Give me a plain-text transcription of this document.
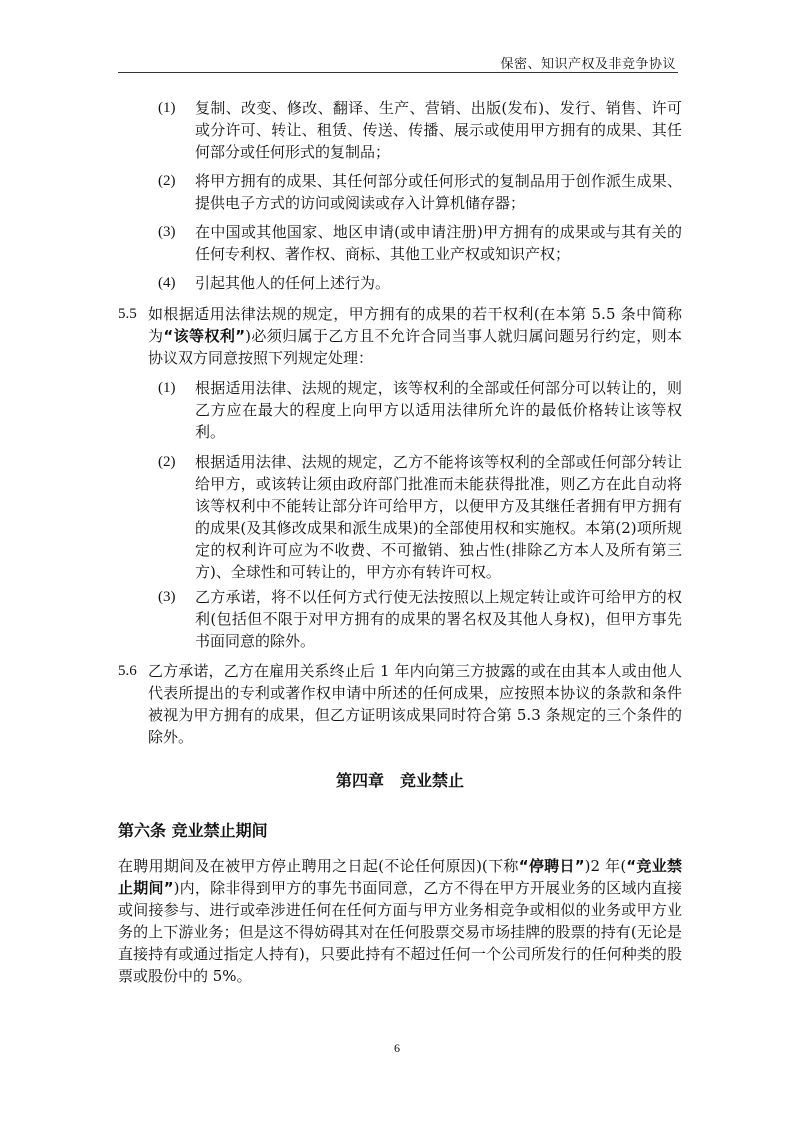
保密、知识产权及非竞争协议
(1)	复制、改变、修改、翻译、生产、营销、出版(发布)、发行、销售、许可或分许可、转让、租赁、传送、传播、展示或使用甲方拥有的成果、其任何部分或任何形式的复制品；
(2)	将甲方拥有的成果、其任何部分或任何形式的复制品用于创作派生成果、提供电子方式的访问或阅读或存入计算机储存器；
(3)	在中国或其他国家、地区申请(或申请注册)甲方拥有的成果或与其有关的任何专利权、著作权、商标、其他工业产权或知识产权；
(4)	引起其他人的任何上述行为。
5.5 如根据适用法律法规的规定，甲方拥有的成果的若干权利(在本第 5.5 条中简称为“该等权利”)必须归属于乙方且不允许合同当事人就归属问题另行约定，则本协议双方同意按照下列规定处理：
(1)	根据适用法律、法规的规定，该等权利的全部或任何部分可以转让的，则乙方应在最大的程度上向甲方以适用法律所允许的最低价格转让该等权利。
(2)	根据适用法律、法规的规定，乙方不能将该等权利的全部或任何部分转让给甲方，或该转让须由政府部门批准而未能获得批准，则乙方在此自动将该等权利中不能转让部分许可给甲方，以便甲方及其继任者拥有甲方拥有的成果(及其修改成果和派生成果)的全部使用权和实施权。本第(2)项所规定的权利许可应为不收费、不可撤销、独占性(排除乙方本人及所有第三方)、全球性和可转让的，甲方亦有转许可权。
(3)	乙方承诺，将不以任何方式行使无法按照以上规定转让或许可给甲方的权利(包括但不限于对甲方拥有的成果的署名权及其他人身权)，但甲方事先书面同意的除外。
5.6 乙方承诺，乙方在雇用关系终止后 1 年内向第三方披露的或在由其本人或由他人代表所提出的专利或著作权申请中所述的任何成果，应按照本协议的条款和条件被视为甲方拥有的成果，但乙方证明该成果同时符合第 5.3 条规定的三个条件的除外。
第四章　竞业禁止
第六条 竞业禁止期间
在聘用期间及在被甲方停止聘用之日起(不论任何原因)(下称“停聘日”)2 年(“竞业禁止期间”)内，除非得到甲方的事先书面同意，乙方不得在甲方开展业务的区域内直接或间接参与、进行或牵涉进任何在任何方面与甲方业务相竞争或相似的业务或甲方业务的上下游业务；但是这不得妨碍其对在任何股票交易市场挂牌的股票的持有(无论是直接持有或通过指定人持有)，只要此持有不超过任何一个公司所发行的任何种类的股票或股份中的 5%。
6
